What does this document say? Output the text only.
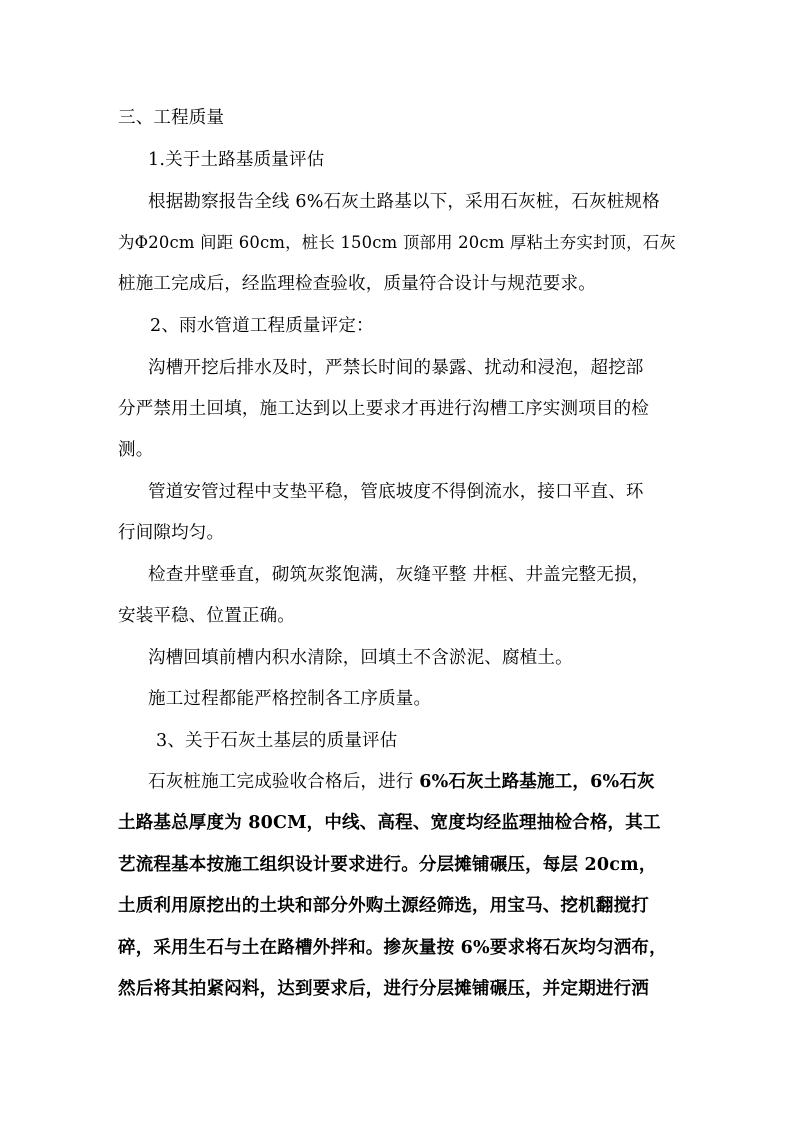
三、工程质量
1.关于土路基质量评估
根据勘察报告全线 6%石灰土路基以下，采用石灰桩，石灰桩规格
为Φ20cm 间距 60cm，桩长 150cm 顶部用 20cm 厚粘土夯实封顶，石灰
桩施工完成后，经监理检查验收，质量符合设计与规范要求。
2、雨水管道工程质量评定：
沟槽开挖后排水及时，严禁长时间的暴露、扰动和浸泡，超挖部
分严禁用土回填，施工达到以上要求才再进行沟槽工序实测项目的检
测。
管道安管过程中支垫平稳，管底坡度不得倒流水，接口平直、环
行间隙均匀。
检查井壁垂直，砌筑灰浆饱满，灰缝平整 井框、井盖完整无损，
安装平稳、位置正确。
沟槽回填前槽内积水清除，回填土不含淤泥、腐植土。
施工过程都能严格控制各工序质量。
3、关于石灰土基层的质量评估
石灰桩施工完成验收合格后，进行 6%石灰土路基施工，6%石灰
土路基总厚度为 80CM，中线、高程、宽度均经监理抽检合格，其工
艺流程基本按施工组织设计要求进行。分层摊铺碾压，每层 20cm，
土质利用原挖出的土块和部分外购土源经筛选，用宝马、挖机翻搅打
碎，采用生石与土在路槽外拌和。掺灰量按 6%要求将石灰均匀洒布，
然后将其拍紧闷料，达到要求后，进行分层摊铺碾压，并定期进行洒
